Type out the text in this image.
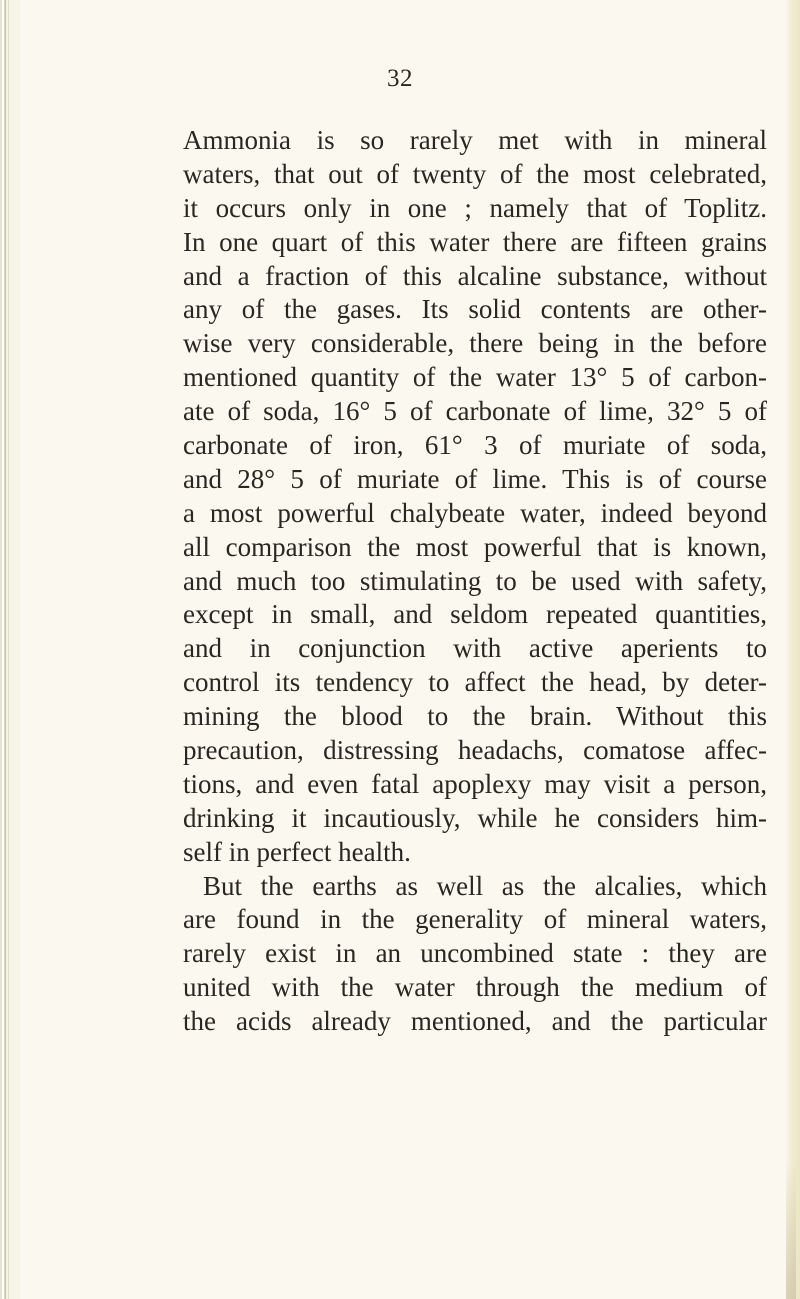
32
Ammonia is so rarely met with in mineral
waters, that out of twenty of the most celebrated,
it occurs only in one ; namely that of Toplitz.
In one quart of this water there are fifteen grains
and a fraction of this alcaline substance, without
any of the gases. Its solid contents are other-
wise very considerable, there being in the before
mentioned quantity of the water 13° 5 of carbon-
ate of soda, 16° 5 of carbonate of lime, 32° 5 of
carbonate of iron, 61° 3 of muriate of soda,
and 28° 5 of muriate of lime. This is of course
a most powerful chalybeate water, indeed beyond
all comparison the most powerful that is known,
and much too stimulating to be used with safety,
except in small, and seldom repeated quantities,
and in conjunction with active aperients to
control its tendency to affect the head, by deter-
mining the blood to the brain. Without this
precaution, distressing headachs, comatose affec-
tions, and even fatal apoplexy may visit a person,
drinking it incautiously, while he considers him-
self in perfect health.
But the earths as well as the alcalies, which
are found in the generality of mineral waters,
rarely exist in an uncombined state : they are
united with the water through the medium of
the acids already mentioned, and the particular
